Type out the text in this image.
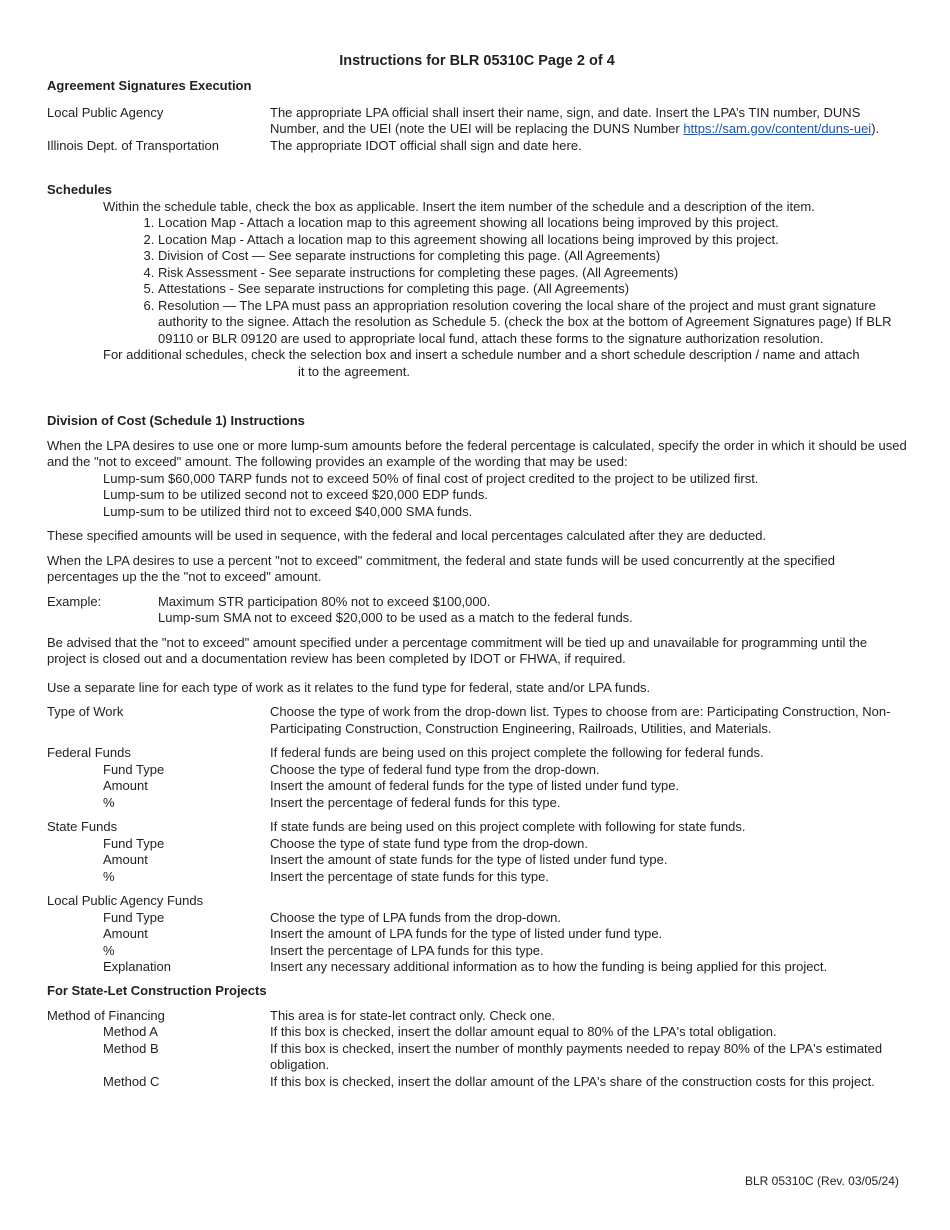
Instructions for BLR 05310C Page 2 of 4

Agreement Signatures Execution

Local Public Agency	The appropriate LPA official shall insert their name, sign, and date. Insert the LPA’s TIN number, DUNS Number, and the UEI (note the UEI will be replacing the DUNS Number https://sam.gov/content/duns-uei).
Illinois Dept. of Transportation	The appropriate IDOT official shall sign and date here.

Schedules

Within the schedule table, check the box as applicable. Insert the item number of the schedule and a description of the item.

1. Location Map - Attach a location map to this agreement showing all locations being improved by this project.
2. Location Map - Attach a location map to this agreement showing all locations being improved by this project.
3. Division of Cost — See separate instructions for completing this page. (All Agreements)
4. Risk Assessment - See separate instructions for completing these pages. (All Agreements)
5. Attestations - See separate instructions for completing this page. (All Agreements)
6. Resolution — The LPA must pass an appropriation resolution covering the local share of the project and must grant signature authority to the signee. Attach the resolution as Schedule 5. (check the box at the bottom of Agreement Signatures page) If BLR 09110 or BLR 09120 are used to appropriate local fund, attach these forms to the signature authorization resolution.

For additional schedules, check the selection box and insert a schedule number and a short schedule description / name and attach

it to the agreement.

Division of Cost (Schedule 1) Instructions

When the LPA desires to use one or more lump-sum amounts before the federal percentage is calculated, specify the order in which it should be used and the "not to exceed" amount. The following provides an example of the wording that may be used:

Lump-sum $60,000 TARP funds not to exceed 50% of final cost of project credited to the project to be utilized first.

Lump-sum to be utilized second not to exceed $20,000 EDP funds.

Lump-sum to be utilized third not to exceed $40,000 SMA funds.

These specified amounts will be used in sequence, with the federal and local percentages calculated after they are deducted.

When the LPA desires to use a percent "not to exceed" commitment, the federal and state funds will be used concurrently at the specified percentages up the the "not to exceed" amount.

Example:	Maximum STR participation 80% not to exceed $100,000.
Lump-sum SMA not to exceed $20,000 to be used as a match to the federal funds.

Be advised that the "not to exceed" amount specified under a percentage commitment will be tied up and unavailable for programming until the project is closed out and a documentation review has been completed by IDOT or FHWA, if required.

Use a separate line for each type of work as it relates to the fund type for federal, state and/or LPA funds.

Type of Work	Choose the type of work from the drop-down list. Types to choose from are: Participating Construction, Non-Participating Construction, Construction Engineering, Railroads, Utilities, and Materials.
Federal Funds	If federal funds are being used on this project complete the following for federal funds.
Fund Type	Choose the type of federal fund type from the drop-down.
Amount	Insert the amount of federal funds for the type of listed under fund type.
%	Insert the percentage of federal funds for this type.
State Funds	If state funds are being used on this project complete with following for state funds.
Fund Type	Choose the type of state fund type from the drop-down.
Amount	Insert the amount of state funds for the type of listed under fund type.
%	Insert the percentage of state funds for this type.
Local Public Agency Funds
Fund Type	Choose the type of LPA funds from the drop-down.
Amount	Insert the amount of LPA funds for the type of listed under fund type.
%	Insert the percentage of LPA funds for this type.
Explanation	Insert any necessary additional information as to how the funding is being applied for this project.

For State-Let Construction Projects

Method of Financing	This area is for state-let contract only. Check one.
Method A	If this box is checked, insert the dollar amount equal to 80% of the LPA's total obligation.
Method B	If this box is checked, insert the number of monthly payments needed to repay 80% of the LPA's estimated obligation.
Method C	If this box is checked, insert the dollar amount of the LPA's share of the construction costs for this project.
BLR 05310C (Rev. 03/05/24)
